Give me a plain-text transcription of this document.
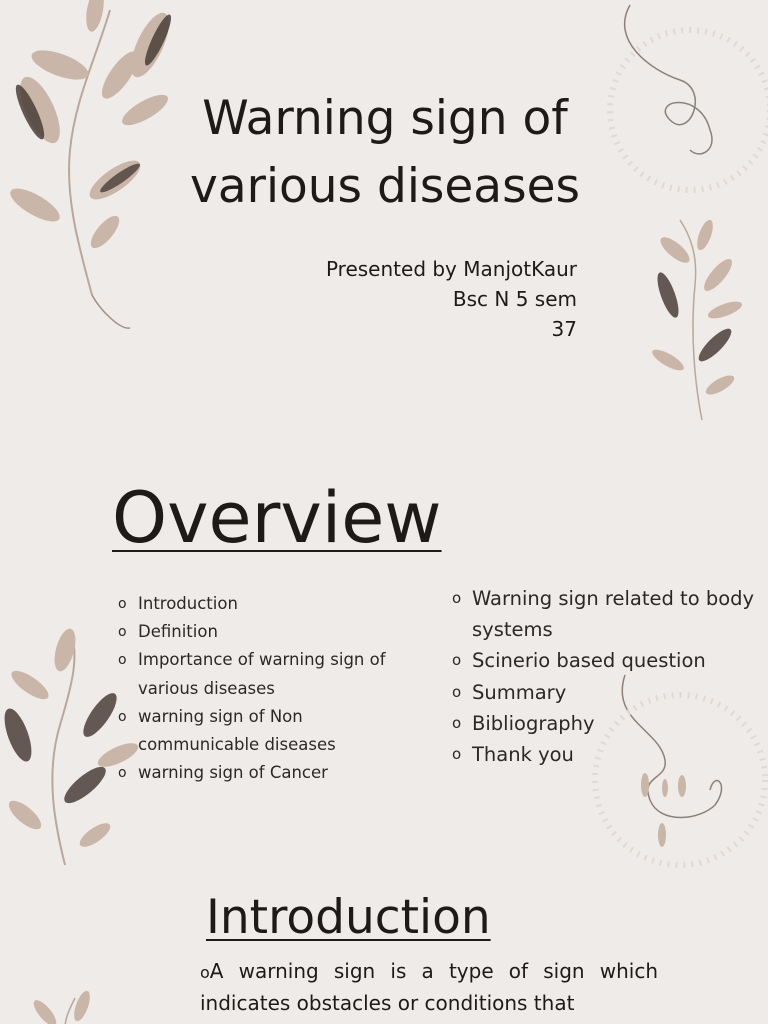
Warning sign of
various diseases
Presented by ManjotKaur
Bsc N 5 sem
37
Overview
o Introduction
o Definition
o Importance of warning sign of various diseases
o warning sign of Non communicable diseases
o warning sign of Cancer
o Warning sign related to body systems
o Scinerio based question
o Summary
o Bibliography
o Thank you
Introduction

oA warning sign is a type of sign which indicates obstacles or conditions that
